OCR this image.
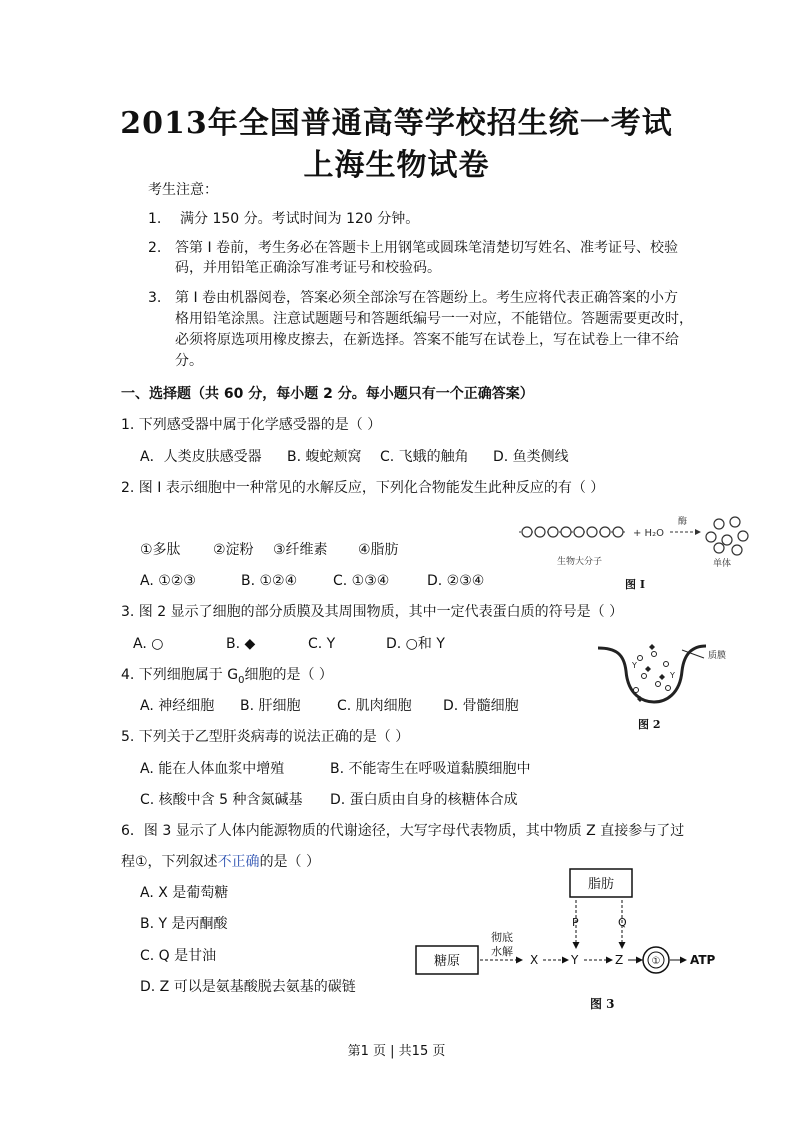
2013年全国普通高等学校招生统一考试
上海生物试卷
考生注意：
1. 满分 150 分。考试时间为 120 分钟。
2. 答第 I 卷前，考生务必在答题卡上用钢笔或圆珠笔清楚切写姓名、准考证号、校验
码，并用铅笔正确涂写准考证号和校验码。
3. 第 I 卷由机器阅卷，答案必须全部涂写在答题纷上。考生应将代表正确答案的小方
格用铅笔涂黑。注意试题题号和答题纸编号一一对应，不能错位。答题需要更改时，
必须将原选项用橡皮擦去，在新选择。答案不能写在试卷上，写在试卷上一律不给
分。
一、选择题（共 60 分，每小题 2 分。每小题只有一个正确答案）
1. 下列感受器中属于化学感受器的是（ ）
A．人类皮肤感受器 B. 蝮蛇颊窝 C. 飞蛾的触角 D. 鱼类侧线
2. 图 I 表示细胞中一种常见的水解反应，下列化合物能发生此种反应的有（ ）
①多肽 ②淀粉 ③纤维素 ④脂肪
A. ①②③	B. ①②④	C. ①③④	D. ②③④
+ H₂O
酶
生物大分子	单体
图 I
3. 图 2 显示了细胞的部分质膜及其周围物质，其中一定代表蛋白质的符号是（ ）
A. ○	B. ◆	C. Y	D. ○和 Y
Y
Y
质膜
图 2
4. 下列细胞属于 $G_0$细胞的是（ ）
A. 神经细胞 B. 肝细胞	C. 肌肉细胞 D. 骨髓细胞
5. 下列关于乙型肝炎病毒的说法正确的是（ ）
A. 能在人体血浆中增殖	B. 不能寄生在呼吸道黏膜细胞中
C. 核酸中含 5 种含氮碱基 D. 蛋白质由自身的核糖体合成
6．图 3 显示了人体内能源物质的代谢途径，大写字母代表物质，其中物质 Z 直接参与了过
程①，下列叙述不正确的是（ ）
A. X 是葡萄糖
B. Y 是丙酮酸
C. Q 是甘油
D. Z 可以是氨基酸脱去氨基的碳链
脂肪
糖原
彻底
水解
X	Y	Z
P	Q
① ATP
图 3
第1 页 | 共15 页
